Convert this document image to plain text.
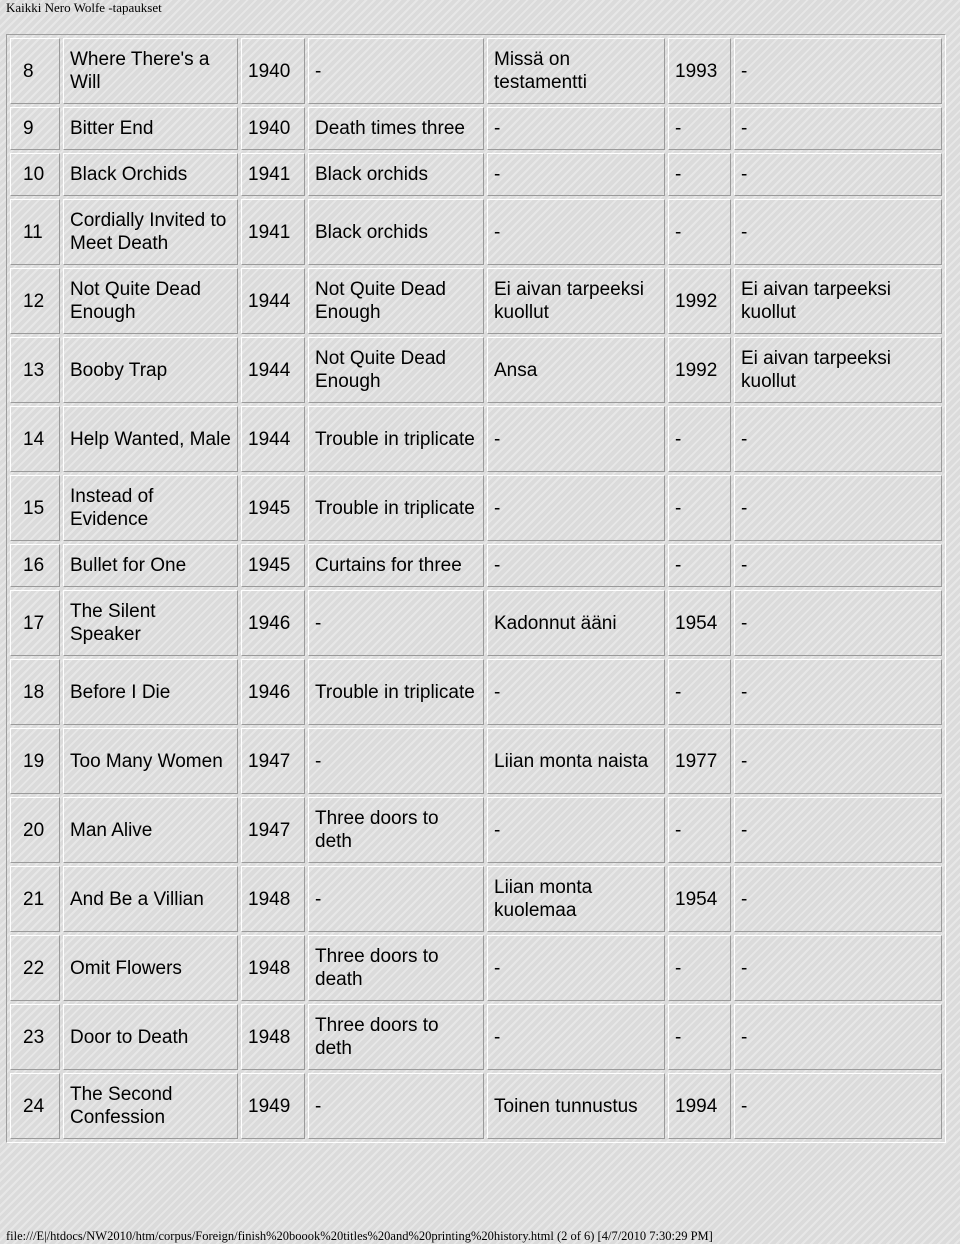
Kaikki Nero Wolfe -tapaukset
8	Where There's a Will	1940	-	Missä on testamentti	1993	-
9	Bitter End	1940	Death times three	-	-	-
10	Black Orchids	1941	Black orchids	-	-	-
11	Cordially Invited to Meet Death	1941	Black orchids	-	-	-
12	Not Quite Dead Enough	1944	Not Quite Dead Enough	Ei aivan tarpeeksi kuollut	1992	Ei aivan tarpeeksi kuollut
13	Booby Trap	1944	Not Quite Dead Enough	Ansa	1992	Ei aivan tarpeeksi kuollut
14	Help Wanted, Male	1944	Trouble in triplicate	-	-	-
15	Instead of Evidence	1945	Trouble in triplicate	-	-	-
16	Bullet for One	1945	Curtains for three	-	-	-
17	The Silent Speaker	1946	-	Kadonnut ääni	1954	-
18	Before I Die	1946	Trouble in triplicate	-	-	-
19	Too Many Women	1947	-	Liian monta naista	1977	-
20	Man Alive	1947	Three doors to deth	-	-	-
21	And Be a Villian	1948	-	Liian monta kuolemaa	1954	-
22	Omit Flowers	1948	Three doors to death	-	-	-
23	Door to Death	1948	Three doors to deth	-	-	-
24	The Second Confession	1949	-	Toinen tunnustus	1994	-
file:///E|/htdocs/NW2010/htm/corpus/Foreign/finish%20boook%20titles%20and%20printing%20history.html (2 of 6) [4/7/2010 7:30:29 PM]
